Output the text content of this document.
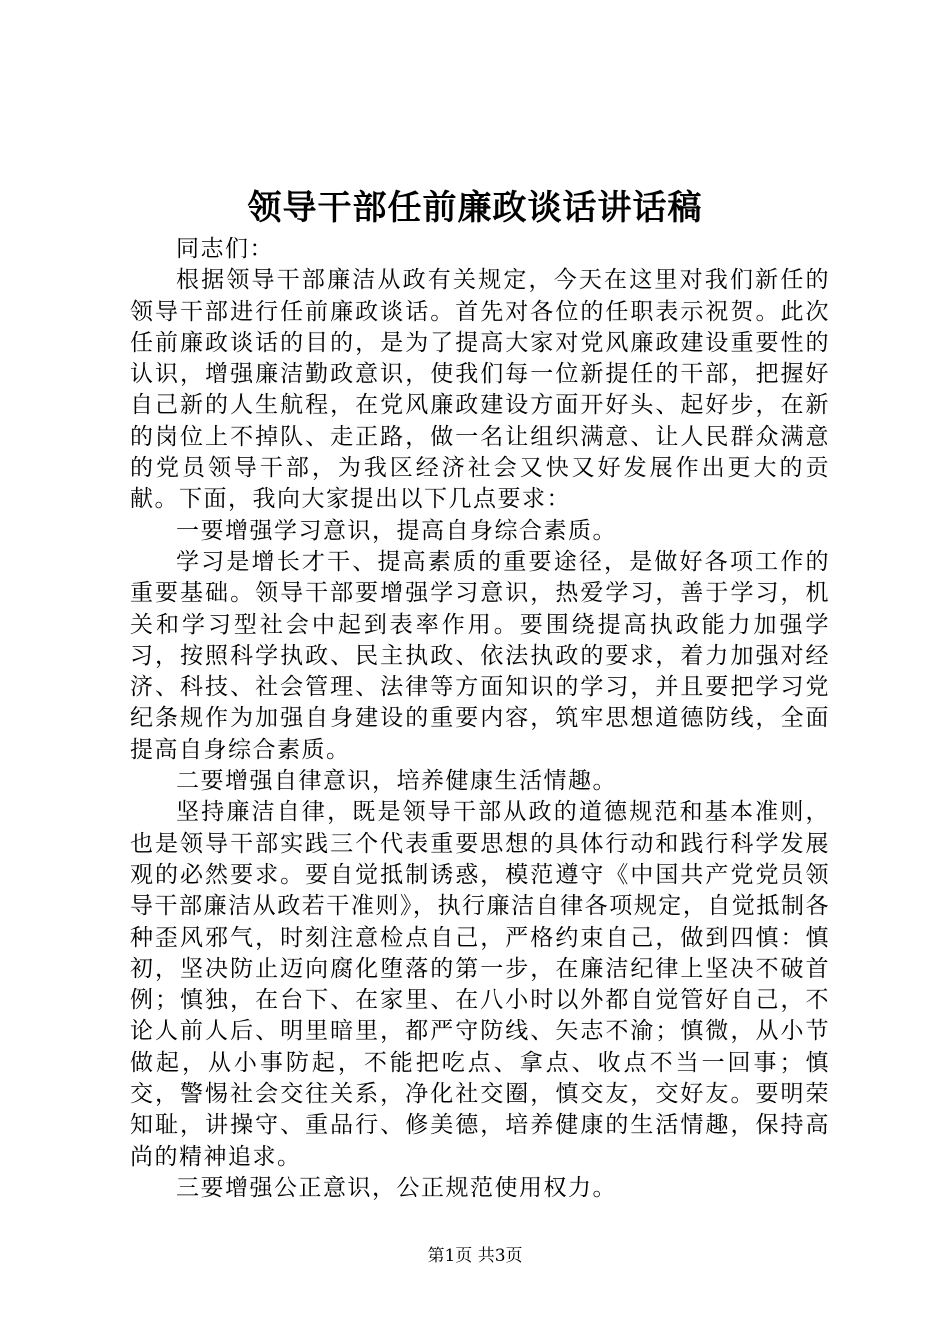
领导干部任前廉政谈话讲话稿

同志们：

根据领导干部廉洁从政有关规定，今天在这里对我们新任的领导干部进行任前廉政谈话。首先对各位的任职表示祝贺。此次任前廉政谈话的目的，是为了提高大家对党风廉政建设重要性的认识，增强廉洁勤政意识，使我们每一位新提任的干部，把握好自己新的人生航程，在党风廉政建设方面开好头、起好步，在新的岗位上不掉队、走正路，做一名让组织满意、让人民群众满意的党员领导干部，为我区经济社会又快又好发展作出更大的贡献。下面，我向大家提出以下几点要求：

一要增强学习意识，提高自身综合素质。

学习是增长才干、提高素质的重要途径，是做好各项工作的重要基础。领导干部要增强学习意识，热爱学习，善于学习，机关和学习型社会中起到表率作用。要围绕提高执政能力加强学习，按照科学执政、民主执政、依法执政的要求，着力加强对经济、科技、社会管理、法律等方面知识的学习，并且要把学习党纪条规作为加强自身建设的重要内容，筑牢思想道德防线，全面提高自身综合素质。

二要增强自律意识，培养健康生活情趣。

坚持廉洁自律，既是领导干部从政的道德规范和基本准则，也是领导干部实践三个代表重要思想的具体行动和践行科学发展观的必然要求。要自觉抵制诱惑，模范遵守《中国共产党党员领导干部廉洁从政若干准则》，执行廉洁自律各项规定，自觉抵制各种歪风邪气，时刻注意检点自己，严格约束自己，做到四慎：慎初，坚决防止迈向腐化堕落的第一步，在廉洁纪律上坚决不破首例；慎独，在台下、在家里、在八小时以外都自觉管好自己，不论人前人后、明里暗里，都严守防线、矢志不渝；慎微，从小节做起，从小事防起，不能把吃点、拿点、收点不当一回事；慎交，警惕社会交往关系，净化社交圈，慎交友，交好友。要明荣知耻，讲操守、重品行、修美德，培养健康的生活情趣，保持高尚的精神追求。

三要增强公正意识，公正规范使用权力。

第1页 共3页
